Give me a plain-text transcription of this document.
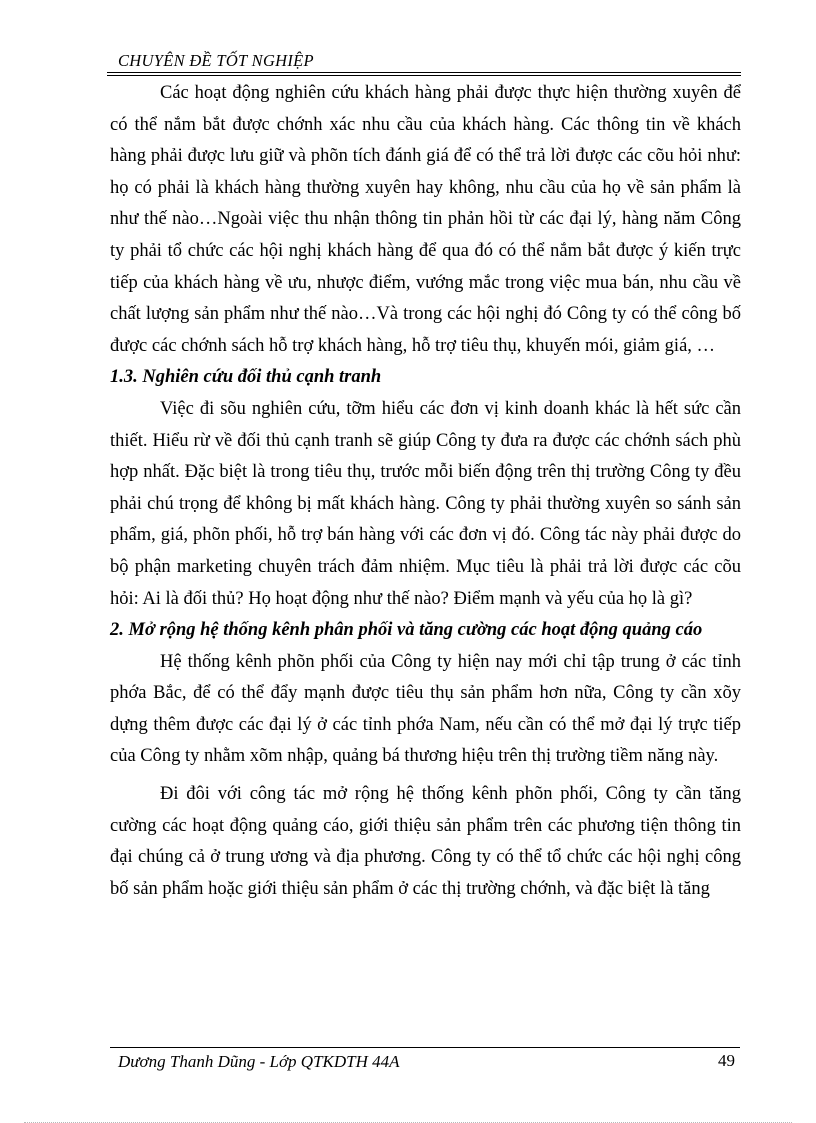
CHUYÊN ĐỀ TỐT NGHIỆP

Các hoạt động nghiên cứu khách hàng phải được thực hiện thường xuyên để có thể nắm bắt được chớnh xác nhu cầu của khách hàng. Các thông tin về khách hàng phải được lưu giữ và phõn tích đánh giá để có thể trả lời được các cõu hỏi như: họ có phải là khách hàng thường xuyên hay không, nhu cầu của họ về sản phẩm là như thế nào…Ngoài việc thu nhận thông tin phản hồi từ các đại lý, hàng năm Công ty phải tổ chức các hội nghị khách hàng để qua đó có thể nắm bắt được ý kiến trực tiếp của khách hàng về ưu, nhược điểm, vướng mắc trong việc mua bán, nhu cầu về chất lượng sản phẩm như thế nào…Và trong các hội nghị đó Công ty có thể công bố được các chớnh sách hỗ trợ khách hàng, hỗ trợ tiêu thụ, khuyến mói, giảm giá, …

1.3. Nghiên cứu đối thủ cạnh tranh

Việc đi sõu nghiên cứu, tỡm hiểu các đơn vị kinh doanh khác là hết sức cần thiết. Hiểu rừ về đối thủ cạnh tranh sẽ giúp Công ty đưa ra được các chớnh sách phù hợp nhất. Đặc biệt là trong tiêu thụ, trước mỗi biến động trên thị trường Công ty đều phải chú trọng để không bị mất khách hàng. Công ty phải thường xuyên so sánh sản phẩm, giá, phõn phối, hỗ trợ bán hàng với các đơn vị đó. Công tác này phải được do bộ phận marketing chuyên trách đảm nhiệm. Mục tiêu là phải trả lời được các cõu hỏi: Ai là đối thủ? Họ hoạt động như thế nào? Điểm mạnh và yếu của họ là gì?

2. Mở rộng hệ thống kênh phân phối và tăng cường các hoạt động quảng cáo

Hệ thống kênh phõn phối của Công ty hiện nay mới chỉ tập trung ở các tỉnh phớa Bắc, để có thể đẩy mạnh được tiêu thụ sản phẩm hơn nữa, Công ty cần xõy dựng thêm được các đại lý ở các tỉnh phớa Nam, nếu cần có thể mở đại lý trực tiếp của Công ty nhằm xõm nhập, quảng bá thương hiệu trên thị trường tiềm năng này.

Đi đôi với công tác mở rộng hệ thống kênh phõn phối, Công ty cần tăng cường các hoạt động quảng cáo, giới thiệu sản phẩm trên các phương tiện thông tin đại chúng cả ở trung ương và địa phương. Công ty có thể tổ chức các hội nghị công bố sản phẩm hoặc giới thiệu sản phẩm ở các thị trường chớnh, và đặc biệt là tăng

Dương Thanh Dũng - Lớp QTKDTH 44A	49
